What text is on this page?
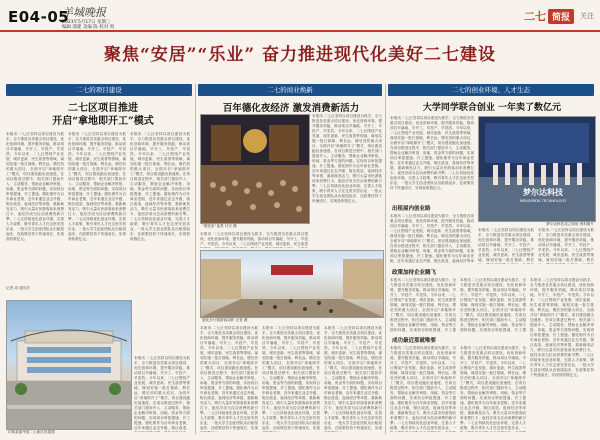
E04-05
羊城晚报
2023年5月17日 星期三
编辑 邵建 美编 陈 校对 周
二七 简报	关注
聚焦“安居”“乐业” 奋力推进现代化美好二七建设
二七的项目建设
二七区项目推进
开启“拿地即开工”模式
本报讯 二七区坚持以项目建设为抓手，全力推进各类重点项目建设，优化营商环境，提升服务效能，推动项目早落地、早开工、早投产、早见效。今年以来，二七区围绕产业发展、城市更新、民生改善等领域，谋划实施一批打基础、利长远、增后劲的重大项目，全面开启“拿地即开工”模式，项目建设跑出加速度。在项目推进过程中，相关部门提前介入、主动服务，帮助企业解决审批、用地、资金等方面的问题，实现项目审批提速、开工提速。德化街作为百年商业老街，近年来通过业态升级、街区改造、夜间经济等举措，重新焕发活力，吸引大量市民游客前来消费打卡，夜经济成为拉动消费的新引擎。二七区持续优化创业环境，完善人才政策，吸引青年人才在这里安居乐业，一批大学生创业团队从出租屋起步，在政策扶持下快速成长，实现营收数亿元。
本报讯 二七区坚持以项目建设为抓手，全力推进各类重点项目建设，优化营商环境，提升服务效能，推动项目早落地、早开工、早投产、早见效。今年以来，二七区围绕产业发展、城市更新、民生改善等领域，谋划实施一批打基础、利长远、增后劲的重大项目，全面开启“拿地即开工”模式，项目建设跑出加速度。在项目推进过程中，相关部门提前介入、主动服务，帮助企业解决审批、用地、资金等方面的问题，实现项目审批提速、开工提速。德化街作为百年商业老街，近年来通过业态升级、街区改造、夜间经济等举措，重新焕发活力，吸引大量市民游客前来消费打卡，夜经济成为拉动消费的新引擎。二七区持续优化创业环境，完善人才政策，吸引青年人才在这里安居乐业，一批大学生创业团队从出租屋起步，在政策扶持下快速成长，实现营收数亿元。
本报讯 二七区坚持以项目建设为抓手，全力推进各类重点项目建设，优化营商环境，提升服务效能，推动项目早落地、早开工、早投产、早见效。今年以来，二七区围绕产业发展、城市更新、民生改善等领域，谋划实施一批打基础、利长远、增后劲的重大项目，全面开启“拿地即开工”模式，项目建设跑出加速度。在项目推进过程中，相关部门提前介入、主动服务，帮助企业解决审批、用地、资金等方面的问题，实现项目审批提速、开工提速。德化街作为百年商业老街，近年来通过业态升级、街区改造、夜间经济等举措，重新焕发活力，吸引大量市民游客前来消费打卡，夜经济成为拉动消费的新引擎。二七区持续优化创业环境，完善人才政策，吸引青年人才在这里安居乐业，一批大学生创业团队从出租屋起步，在政策扶持下快速成长，实现营收数亿元。
记者 周 通讯员
印象富丽华府二七新区效果图
本报讯 二七区坚持以项目建设为抓手，全力推进各类重点项目建设，优化营商环境，提升服务效能，推动项目早落地、早开工、早投产、早见效。今年以来，二七区围绕产业发展、城市更新、民生改善等领域，谋划实施一批打基础、利长远、增后劲的重大项目，全面开启“拿地即开工”模式，项目建设跑出加速度。在项目推进过程中，相关部门提前介入、主动服务，帮助企业解决审批、用地、资金等方面的问题，实现项目审批提速、开工提速。德化街作为百年商业老街，近年来通过业态升级、街区改造、
二七的商业焕新
百年德化夜经济 激发消费新活力
“德化里”夜景 付守 摄
本报讯 二七区坚持以项目建设为抓手，全力推进各类重点项目建设，优化营商环境，提升服务效能，推动项目早落地、早开工、早投产、早见效。今年以来，二七区围绕产业发展、城市更新、民生改善等领域，谋划实施一批打基础、利长远、增后劲的重大项目，全面开启“拿地即开工”模式，项目建设跑出加速度。在项目推进过程中，相关部门提前介入、主动服务，帮助企业解决审批、用地、资金等方面的问题，实现项目审批提速、开工提速。德化街作为百年商业老街，近年来通过业态升级、街区改造、夜间经济等举措，重新焕发活力，吸引大量市民游客前来消费打卡，夜经济成为拉动消费的新引擎。二七区持续优化创业环境，完善人才政策，吸引青年人才在这里安居乐业，一批大学生创业团队从出租屋起步，在政策扶持下快速成长，实现营收数亿元。
本报讯 二七区坚持以项目建设为抓手，全力推进各类重点项目建设，优化营商环境，提升服务效能，推动项目早落地、早开工、早投产、早见效。今年以来，二七区围绕产业发展、城市更新、民生改善
德化步行街游客如织 记者 摄
本报讯 二七区坚持以项目建设为抓手，全力推进各类重点项目建设，优化营商环境，提升服务效能，推动项目早落地、早开工、早投产、早见效。今年以来，二七区围绕产业发展、城市更新、民生改善等领域，谋划实施一批打基础、利长远、增后劲的重大项目，全面开启“拿地即开工”模式，项目建设跑出加速度。在项目推进过程中，相关部门提前介入、主动服务，帮助企业解决审批、用地、资金等方面的问题，实现项目审批提速、开工提速。德化街作为百年商业老街，近年来通过业态升级、街区改造、夜间经济等举措，重新焕发活力，吸引大量市民游客前来消费打卡，夜经济成为拉动消费的新引擎。二七区持续优化创业环境，完善人才政策，吸引青年人才在这里安居乐业，一批大学生创业团队从出租屋起步，在政策扶持下快速成长，实现
本报讯 二七区坚持以项目建设为抓手，全力推进各类重点项目建设，优化营商环境，提升服务效能，推动项目早落地、早开工、早投产、早见效。今年以来，二七区围绕产业发展、城市更新、民生改善等领域，谋划实施一批打基础、利长远、增后劲的重大项目，全面开启“拿地即开工”模式，项目建设跑出加速度。在项目推进过程中，相关部门提前介入、主动服务，帮助企业解决审批、用地、资金等方面的问题，实现项目审批提速、开工提速。德化街作为百年商业老街，近年来通过业态升级、街区改造、夜间经济等举措，重新焕发活力，吸引大量市民游客前来消费打卡，夜经济成为拉动消费的新引擎。二七区持续优化创业环境，完善人才政策，吸引青年人才在这里安居乐业，一批大学生创业团队从出租屋起步，在政策扶持下快速成长，实现
本报讯 二七区坚持以项目建设为抓手，全力推进各类重点项目建设，优化营商环境，提升服务效能，推动项目早落地、早开工、早投产、早见效。今年以来，二七区围绕产业发展、城市更新、民生改善等领域，谋划实施一批打基础、利长远、增后劲的重大项目，全面开启“拿地即开工”模式，项目建设跑出加速度。在项目推进过程中，相关部门提前介入、主动服务，帮助企业解决审批、用地、资金等方面的问题，实现项目审批提速、开工提速。德化街作为百年商业老街，近年来通过业态升级、街区改造、夜间经济等举措，重新焕发活力，吸引大量市民游客前来消费打卡，夜经济成为拉动消费的新引擎。二七区持续优化创业环境，完善人才政策，吸引青年人才在这里安居乐业，一批大学生创业团队从出租屋起步，在政策扶持下快速成长，实现
二七的创业环境、人才生态
大学同学联合创业 一年卖了数亿元
本报讯 二七区坚持以项目建设为抓手，全力推进各类重点项目建设，优化营商环境，提升服务效能，推动项目早落地、早开工、早投产、早见效。今年以来，二七区围绕产业发展、城市更新、民生改善等领域，谋划实施一批打基础、利长远、增后劲的重大项目，全面开启“拿地即开工”模式，项目建设跑出加速度。在项目推进过程中，相关部门提前介入、主动服务，帮助企业解决审批、用地、资金等方面的问题，实现项目审批提速、开工提速。德化街作为百年商业老街，近年来通过业态升级、街区改造、夜间经济等举措，重新焕发活力，吸引大量市民游客前来消费打卡，夜经济成为拉动消费的新引擎。二七区持续优化创业环境，完善人才政策，吸引青年人才在这里安居乐业，一批大学生创业团队从出租屋起步，在政策扶持下快速成长，实现营收数亿元。	梦尔达科技
MENGERDA TECHNOLOGY
梦尔达科技成立现场 资料图片
出租屋内创业路
本报讯 二七区坚持以项目建设为抓手，全力推进各类重点项目建设，优化营商环境，提升服务效能，推动项目早落地、早开工、早投产、早见效。今年以来，二七区围绕产业发展、城市更新、民生改善等领域，谋划实施一批打基础、利长远、增后劲的重大项目，全面开启“拿地即开工”模式，项目建设跑出加速度。在项目推进过程中，相关部门提前介入、主动服务，帮助企业解决审批、用地、资金等方面的问题，实现项目审批提速、开工提速。德化街作为百年商业老街，近年来通过业态升级、街区改造、夜间经济等举
本报讯 二七区坚持以项目建设为抓手，全力推进各类重点项目建设，优化营商环境，提升服务效能，推动项目早落地、早开工、早投产、早见效。今年以来，二七区围绕产业发展、城市更新、民生改善等领域，谋划实施一批打基础、利长
本报讯 二七区坚持以项目建设为抓手，全力推进各类重点项目建设，优化营商环境，提升服务效能，推动项目早落地、早开工、早投产、早见效。今年以来，二七区围绕产业发展、城市更新、民生改善等领域，谋划实施一批打基础、利长
政策加持企业腾飞
本报讯 二七区坚持以项目建设为抓手，全力推进各类重点项目建设，优化营商环境，提升服务效能，推动项目早落地、早开工、早投产、早见效。今年以来，二七区围绕产业发展、城市更新、民生改善等领域，谋划实施一批打基础、利长远、增后劲的重大项目，全面开启“拿地即开工”模式，项目建设跑出加速度。在项目推进过程中，相关部门提前介入、主动服务，帮助企业解决审批、用地、资金等方面的问题，实现项目审批提速、开工提
本报讯 二七区坚持以项目建设为抓手，全力推进各类重点项目建设，优化营商环境，提升服务效能，推动项目早落地、早开工、早投产、早见效。今年以来，二七区围绕产业发展、城市更新、民生改善等领域，谋划实施一批打基础、利长远、增后劲的重大项目，全面开启“拿地即开工”模式，项目建设跑出加速度。在项目推进过程中，相关部门提前介入、主动服务，帮助企业解决审批、用地、资金等方面的问题，实现项目审批提速、开工提
本报讯 二七区坚持以项目建设为抓手，全力推进各类重点项目建设，优化营商环境，提升服务效能，推动项目早落地、早开工、早投产、早见效。今年以来，二七区围绕产业发展、城市更新、民生改善等领域，谋划实施一批打基础、利长远、增后劲的重大项目，全面开启“拿地即开工”模式，项目建设跑出加速度。在项目推进过程中，相关部门提前介入、主动服务，帮助企业解决审批、用地、资金等方面的问题，实现项目审批提速、开工提速。德化街作为百年商业老街，近年来通过业态升级、街区改造、夜间经济等举措，重新焕发活力，吸引大量市民游客前来消费打卡，夜经济成为拉动消费的新引擎。二七区持续优化创业环境，完善人才政策，吸引青年人才在这里安居乐业，一批大学生创业团队从出租屋起步，在政策扶持下快速成长，实现营收数亿元。
成功最近那就唯要
本报讯 二七区坚持以项目建设为抓手，全力推进各类重点项目建设，优化营商环境，提升服务效能，推动项目早落地、早开工、早投产、早见效。今年以来，二七区围绕产业发展、城市更新、民生改善等领域，谋划实施一批打基础、利长远、增后劲的重大项目，全面开启“拿地即开工”模式，项目建设跑出加速度。在项目推进过程中，相关部门提前介入、主动服务，帮助企业解决审批、用地、资金等方面的问题，实现项目审批提速、开工提速。德化街作为百年商业老街，近年来通过业态升级、街区改造、夜间经济等举措，重新焕发活力，吸引大量市民游客前来消费打卡，夜经济成为拉动消费的新引擎。二七区持续优化创业环境，完善人才政策，吸引青年人才在这里安居乐业，一
本报讯 二七区坚持以项目建设为抓手，全力推进各类重点项目建设，优化营商环境，提升服务效能，推动项目早落地、早开工、早投产、早见效。今年以来，二七区围绕产业发展、城市更新、民生改善等领域，谋划实施一批打基础、利长远、增后劲的重大项目，全面开启“拿地即开工”模式，项目建设跑出加速度。在项目推进过程中，相关部门提前介入、主动服务，帮助企业解决审批、用地、资金等方面的问题，实现项目审批提速、开工提速。德化街作为百年商业老街，近年来通过业态升级、街区改造、夜间经济等举措，重新焕发活力，吸引大量市民游客前来消费打卡，夜经济成为拉动消费的新引擎。二七区持续优化创业环境，完善人才政策，吸引青年人才在这里安居乐业，一
